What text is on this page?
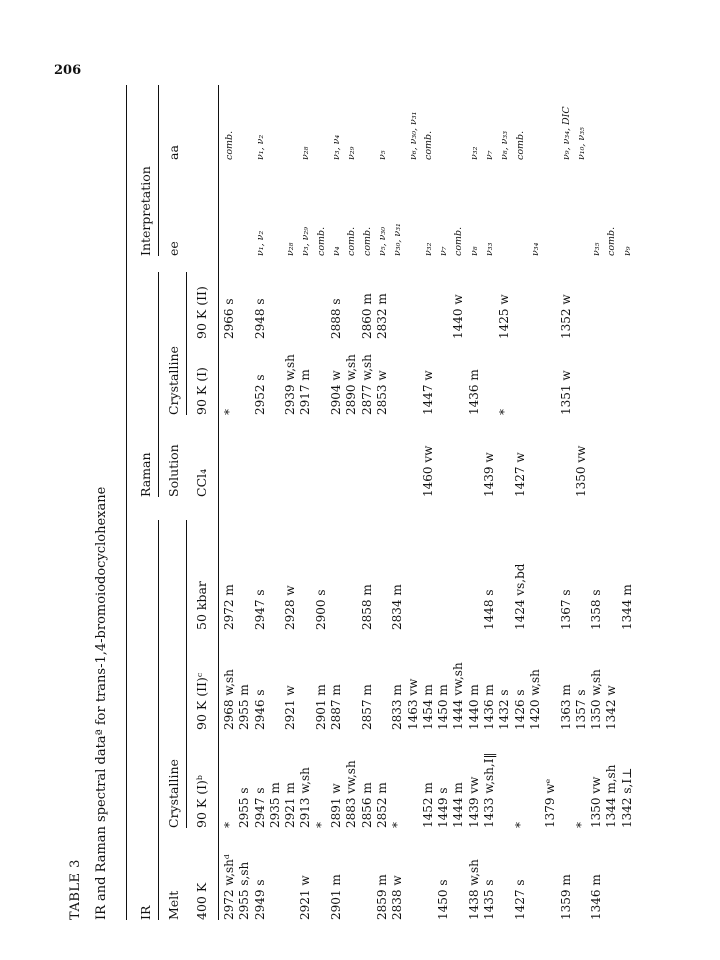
206
TABLE 3 IR and Raman spectral dataª for trans-1,4-bromoiodocyclohexane IR
Raman
Interpretation
Melt
Crystalline
Solution
Crystalline
ee
aa
400 K
90 K (I)ᵇ
90 K (II)ᶜ
50 kbar
CCl₄
90 K (I)
90 K (II)
2972 w,shᵈ
2955 s,sh
2949 s

2921 w

2901 m

2859 m
2838 w

1450 s

1438 w,sh
1435 s

1427 s

1359 m

1346 m
*
2955 s
2947 s
2935 m
2921 m
2913 w,sh
*
2891 w
2883 vw,sh
2856 m
2852 m
*

1452 m
1449 s
1444 m
1439 vw
1433 w,sh,I‖

*

1379 wᵉ

*
1350 vw
1344 m,sh
1342 s,I⊥
2968 w,sh
2955 m
2946 s

2921 w

2901 m
2887 m

2857 m

2833 m
1463 vw
1454 m
1450 m
1444 vw,sh
1440 m
1436 m
1432 s
1426 s
1420 w,sh

1363 m
1357 s
1350 w,sh
1342 w
2972 m

2947 s

2928 w

2900 s

2858 m

2834 m

1448 s

1424 vs,bd

1367 s

1358 s

1344 m

1460 vw

1439 w

1427 w

1350 vw
*

2952 s

2939 w,sh
2917 m

2904 w
2890 w,sh
2877 w,sh
2853 w

1447 w

1436 m

*

1351 w
2966 s

2948 s

2888 s

2860 m
2832 m

1440 w

1425 w

1352 w

ν₁, ν₂

ν₂₈
ν₃, ν₂₉
comb.
ν₄
comb.
comb.
ν₅, ν₃₀
ν₃₀, ν₃₁

ν₃₂
ν₇
comb.
ν₈
ν₃₃

ν₃₄

ν₃₅
comb.
ν₉
comb.

ν₁, ν₂

ν₂₈

ν₃, ν₄
ν₂₉

ν₅

ν₆, ν₃₀, ν₃₁
comb.

ν₃₂
ν₇
ν₈, ν₃₃
comb.

ν₉, ν₃₄, DIC
ν₁₀, ν₃₅
